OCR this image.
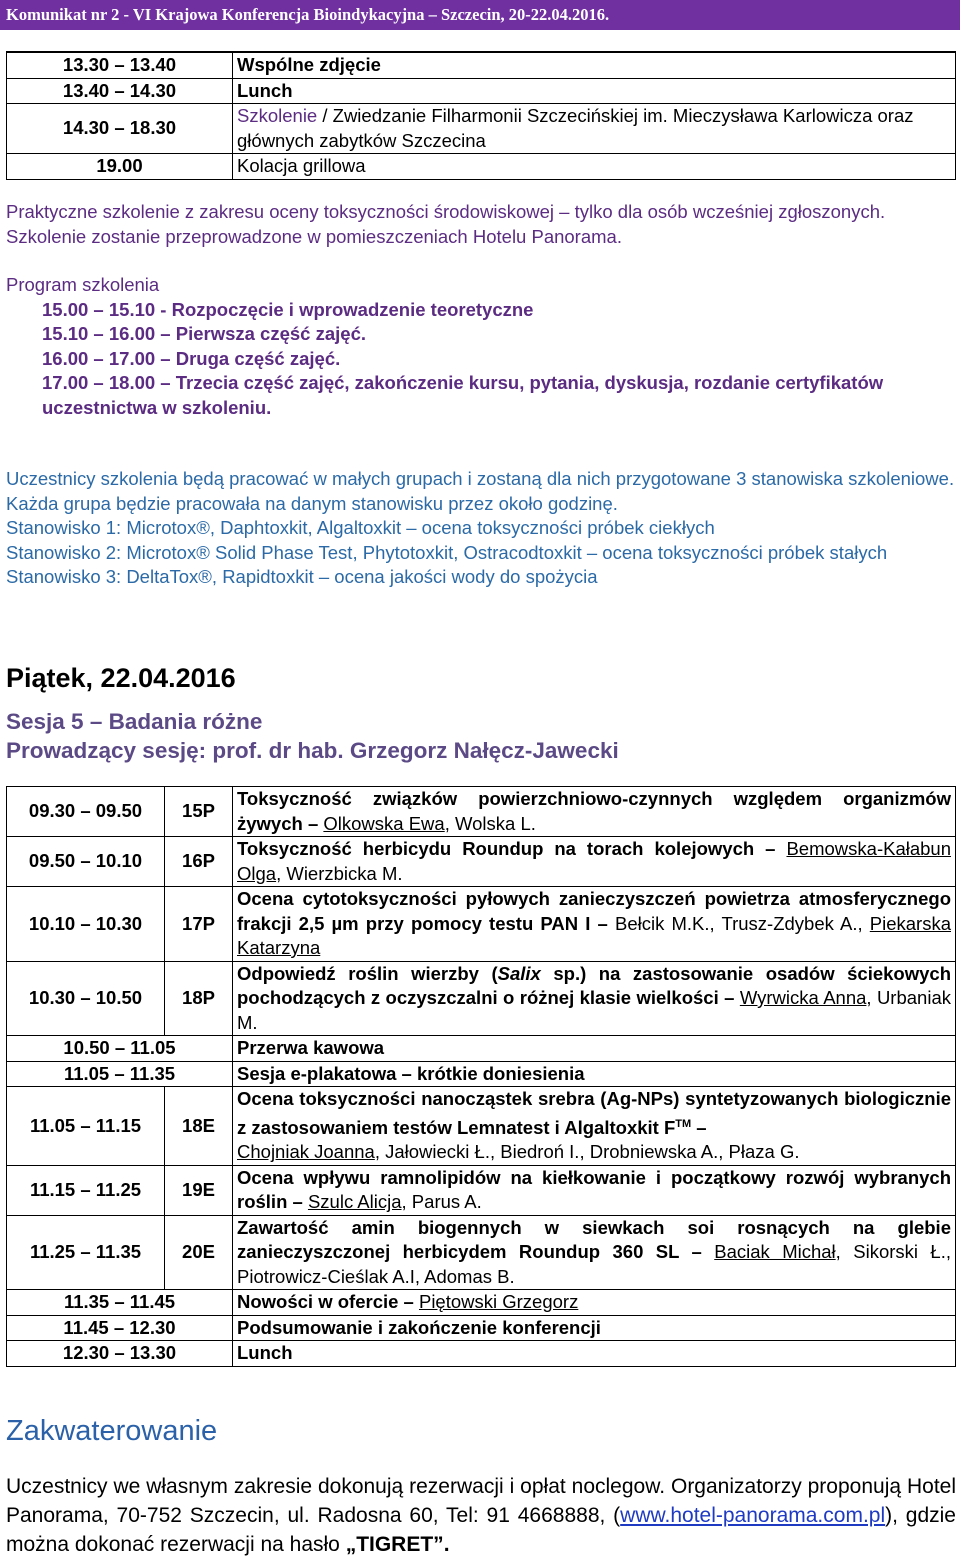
Komunikat nr 2 - VI Krajowa Konferencja Bioindykacyjna – Szczecin, 20-22.04.2016.
13.30 – 13.40	Wspólne zdjęcie
13.40 – 14.30	Lunch
14.30 – 18.30	Szkolenie / Zwiedzanie Filharmonii Szczecińskiej im. Mieczysława Karlowicza oraz głównych zabytków Szczecina
19.00	Kolacja grillowa

Praktyczne szkolenie z zakresu oceny toksyczności środowiskowej – tylko dla osób wcześniej zgłoszonych.

Szkolenie zostanie przeprowadzone w pomieszczeniach Hotelu Panorama.

Program szkolenia

15.00 – 15.10 - Rozpoczęcie i wprowadzenie teoretyczne
15.10 – 16.00 – Pierwsza część zajęć.
16.00 – 17.00 – Druga część zajęć.
17.00 – 18.00 – Trzecia część zajęć, zakończenie kursu, pytania, dyskusja, rozdanie certyfikatów uczestnictwa w szkoleniu.

Uczestnicy szkolenia będą pracować w małych grupach i zostaną dla nich przygotowane 3 stanowiska szkoleniowe. Każda grupa będzie pracowała na danym stanowisku przez około godzinę.

Stanowisko 1: Microtox®, Daphtoxkit, Algaltoxkit – ocena toksyczności próbek ciekłych

Stanowisko 2: Microtox® Solid Phase Test, Phytotoxkit, Ostracodtoxkit – ocena toksyczności próbek stałych

Stanowisko 3: DeltaTox®, Rapidtoxkit – ocena jakości wody do spożycia

Piątek, 22.04.2016
Sesja 5 – Badania różne
Prowadzący sesję: prof. dr hab. Grzegorz Nałęcz-Jawecki
09.30 – 09.50	15P	Toksyczność związków powierzchniowo-czynnych względem organizmów żywych – Olkowska Ewa, Wolska L.
09.50 – 10.10	16P	Toksyczność herbicydu Roundup na torach kolejowych – Bemowska-Kałabun Olga, Wierzbicka M.
10.10 – 10.30	17P	Ocena cytotoksyczności pyłowych zanieczyszczeń powietrza atmosferycznego frakcji 2,5 µm przy pomocy testu PAN I – Bełcik M.K., Trusz-Zdybek A., Piekarska Katarzyna
10.30 – 10.50	18P	Odpowiedź roślin wierzby (Salix sp.) na zastosowanie osadów ściekowych pochodzących z oczyszczalni o różnej klasie wielkości – Wyrwicka Anna, Urbaniak M.
10.50 – 11.05		Przerwa kawowa
11.05 – 11.35		Sesja e-plakatowa – krótkie doniesienia
11.05 – 11.15	18E	Ocena toksyczności nanocząstek srebra (Ag-NPs) syntetyzowanych biologicznie z zastosowaniem testów Lemnatest i Algaltoxkit F™ –
Chojniak Joanna, Jałowiecki Ł., Biedroń I., Drobniewska A., Płaza G.
11.15 – 11.25	19E	Ocena wpływu ramnolipidów na kiełkowanie i początkowy rozwój wybranych roślin – Szulc Alicja, Parus A.
11.25 – 11.35	20E	Zawartość amin biogennych w siewkach soi rosnących na glebie zanieczyszczonej herbicydem Roundup 360 SL – Baciak Michał, Sikorski Ł., Piotrowicz-Cieślak A.I, Adomas B.
11.35 – 11.45		Nowości w ofercie – Piętowski Grzegorz
11.45 – 12.30		Podsumowanie i zakończenie konferencji
12.30 – 13.30		Lunch
Zakwaterowanie
Uczestnicy we własnym zakresie dokonują rezerwacji i opłat noclegow. Organizatorzy proponują Hotel Panorama, 70-752 Szczecin, ul. Radosna 60, Tel: 91 4668888, (www.hotel-panorama.com.pl), gdzie można dokonać rezerwacji na hasło „TIGRET”.
